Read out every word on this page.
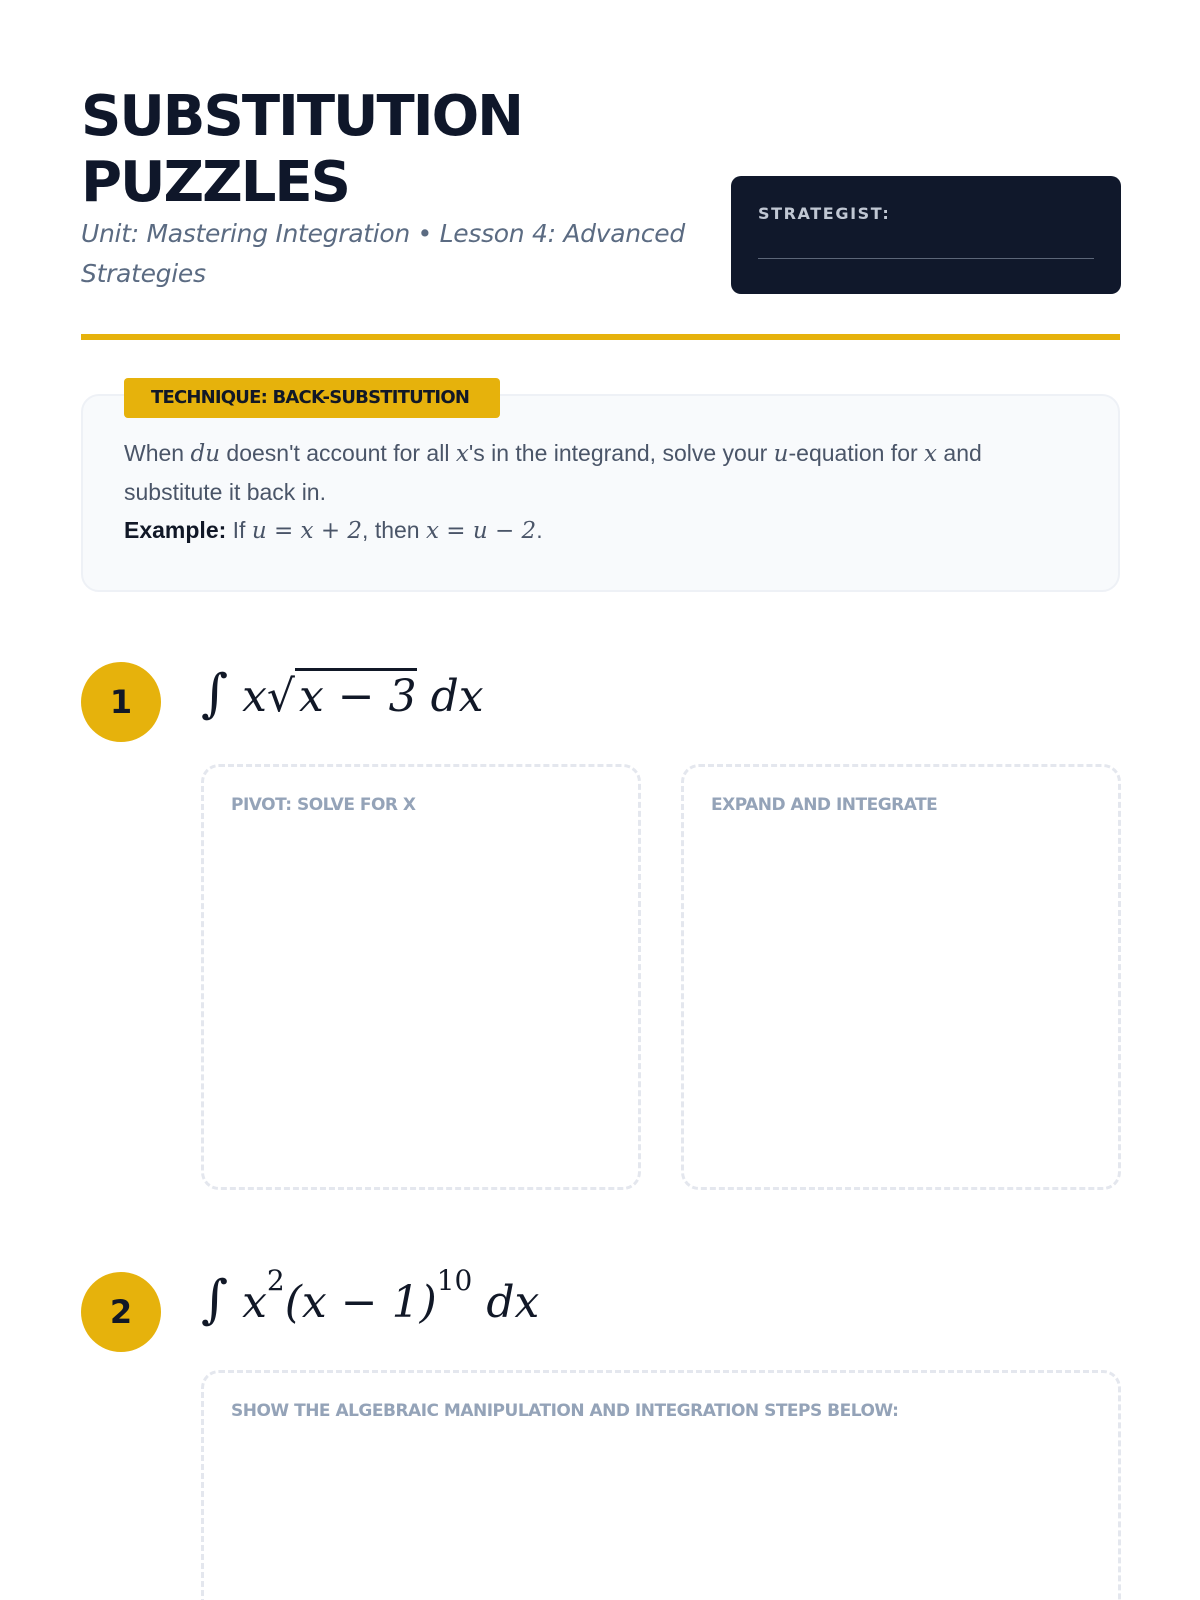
SUBSTITUTION
PUZZLES
Unit: Mastering Integration • Lesson 4: Advanced Strategies
STRATEGIST:
When du doesn't account for all x's in the integrand, solve your u-equation for x and substitute it back in.
Example: If u = x + 2, then x = u − 2.
TECHNIQUE: BACK-SUBSTITUTION
1	∫ x√x − 3 dx
PIVOT: SOLVE FOR X	EXPAND AND INTEGRATE
2	∫ $x^2(x - 1)^{10}$ dx
SHOW THE ALGEBRAIC MANIPULATION AND INTEGRATION STEPS BELOW:
